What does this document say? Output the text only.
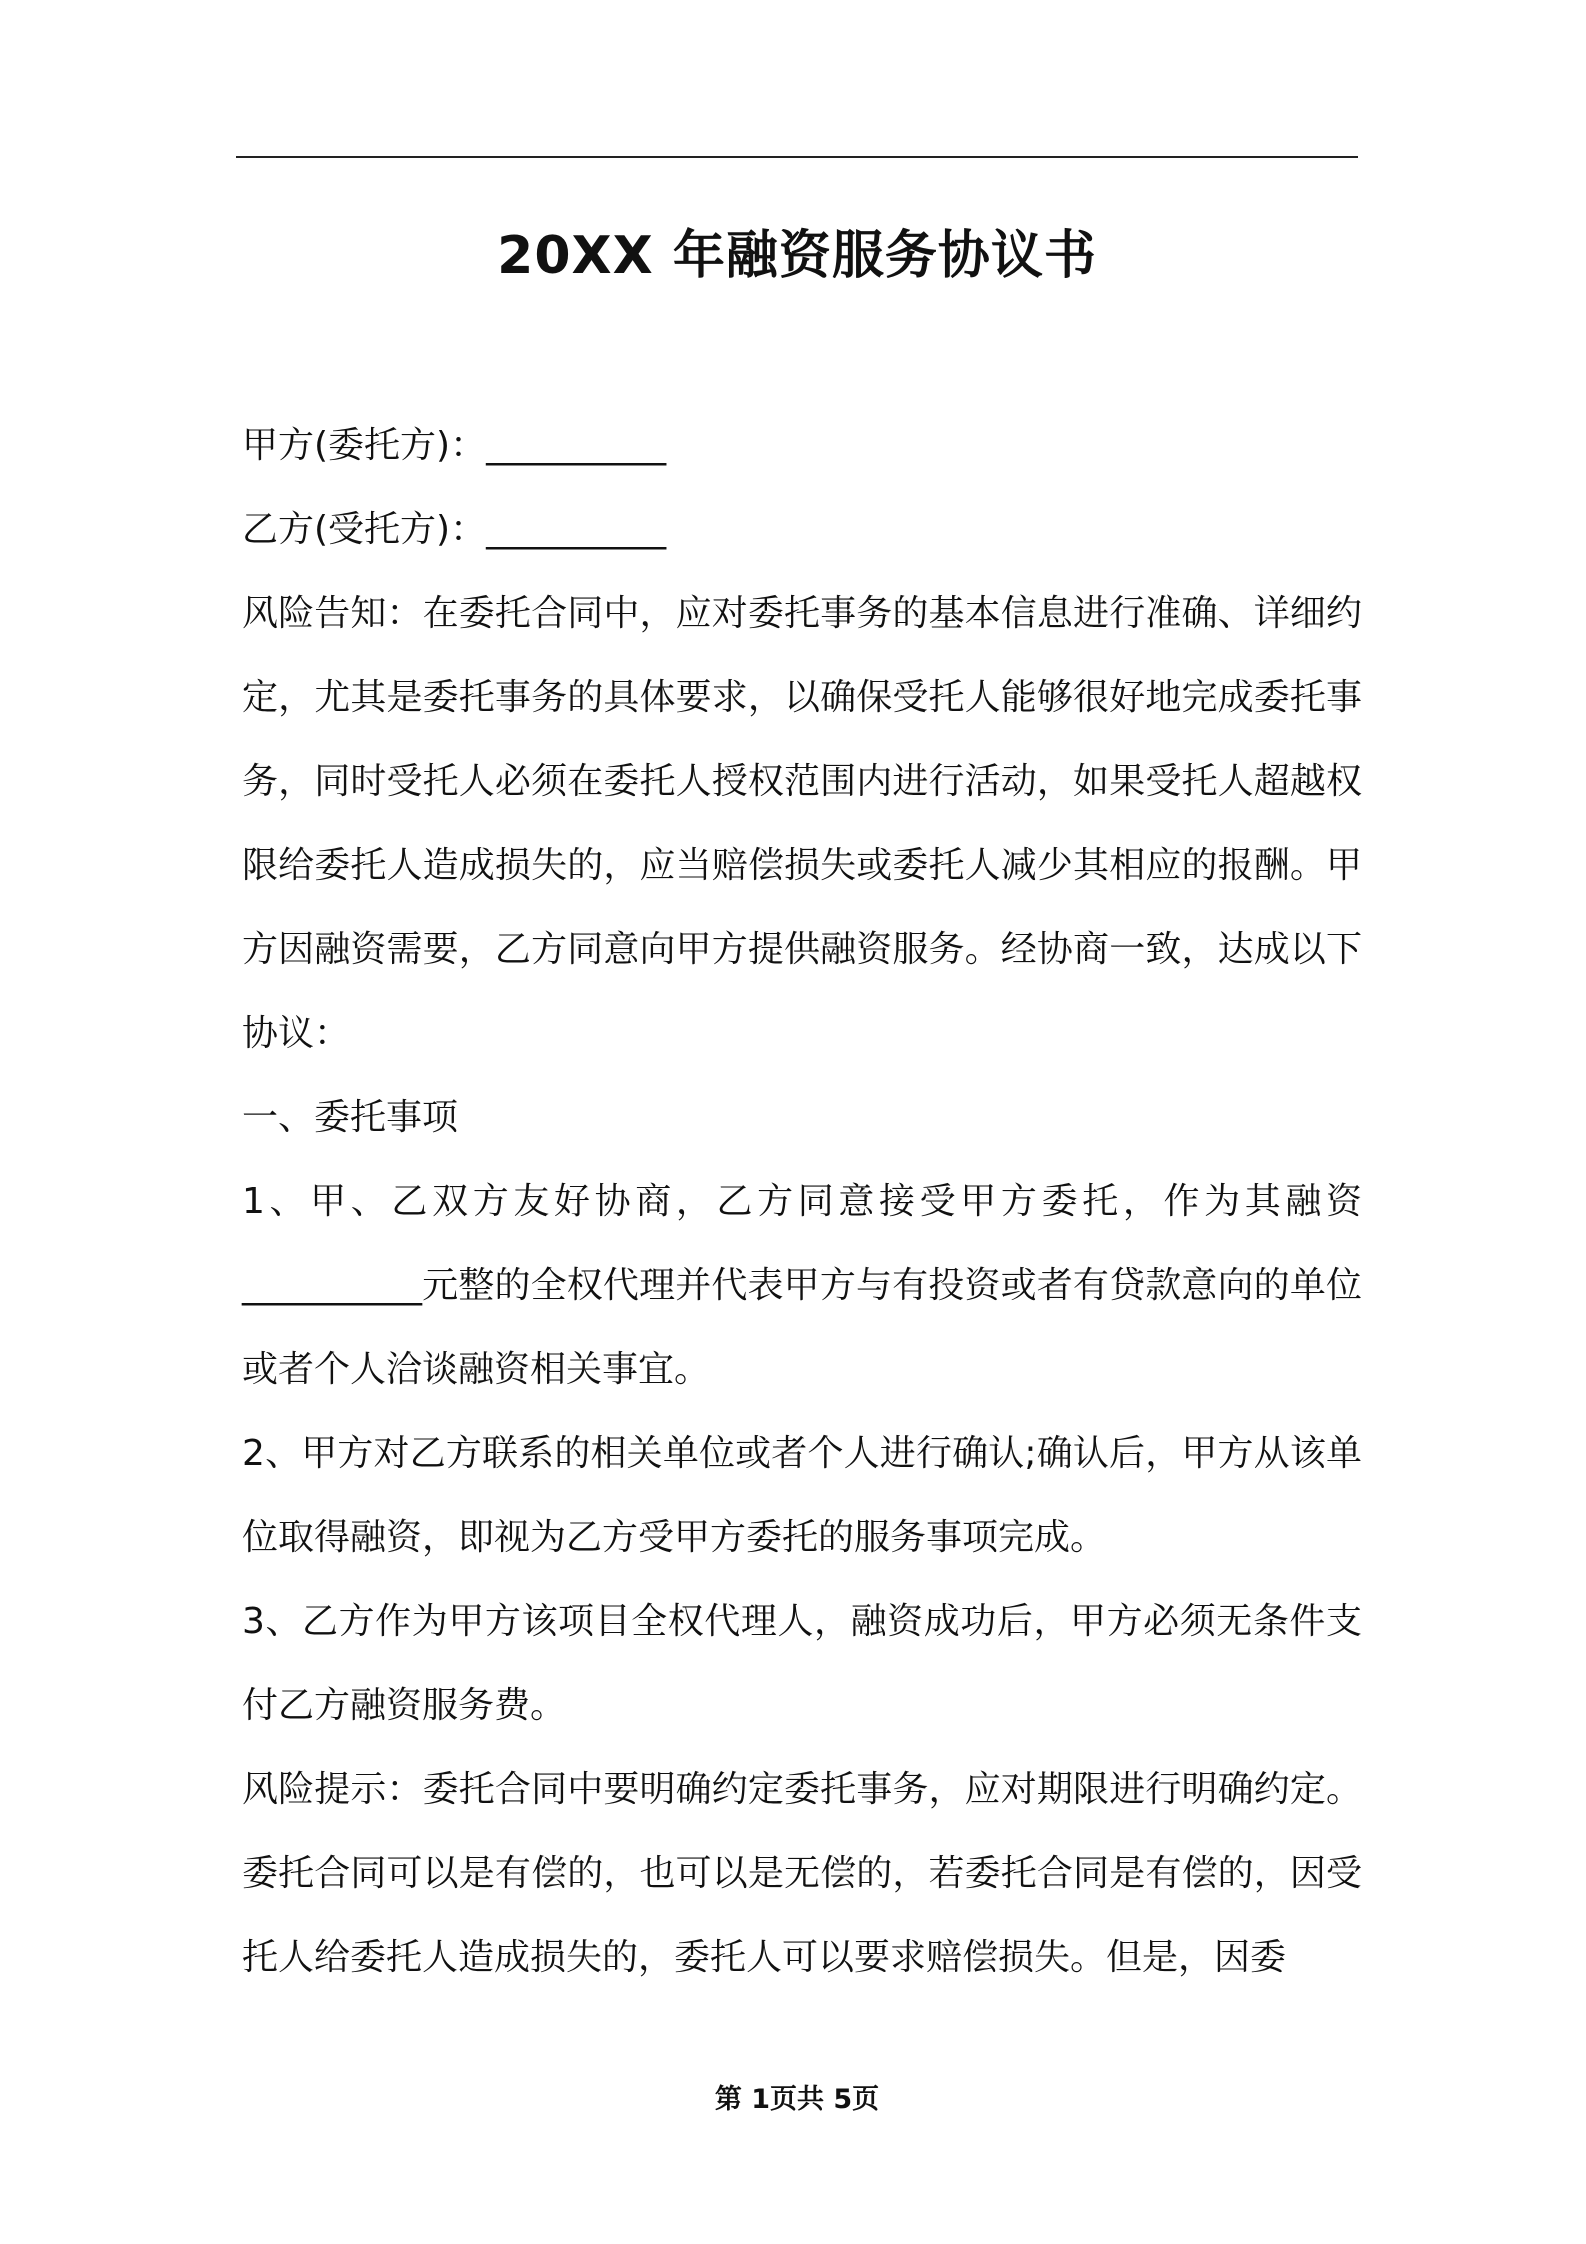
20XX 年融资服务协议书

甲方(委托方)：__________

乙方(受托方)：__________

风险告知：在委托合同中，应对委托事务的基本信息进行准确、详细约定，尤其是委托事务的具体要求，以确保受托人能够很好地完成委托事务，同时受托人必须在委托人授权范围内进行活动，如果受托人超越权限给委托人造成损失的，应当赔偿损失或委托人减少其相应的报酬。甲方因融资需要，乙方同意向甲方提供融资服务。经协商一致，达成以下协议：

一、委托事项

1、甲、乙双方友好协商，乙方同意接受甲方委托，作为其融资__________元整的全权代理并代表甲方与有投资或者有贷款意向的单位或者个人洽谈融资相关事宜。

2、甲方对乙方联系的相关单位或者个人进行确认;确认后，甲方从该单位取得融资，即视为乙方受甲方委托的服务事项完成。

3、乙方作为甲方该项目全权代理人，融资成功后，甲方必须无条件支付乙方融资服务费。

风险提示：委托合同中要明确约定委托事务，应对期限进行明确约定。委托合同可以是有偿的，也可以是无偿的，若委托合同是有偿的，因受托人给委托人造成损失的，委托人可以要求赔偿损失。但是，因委

第 1页共 5页
